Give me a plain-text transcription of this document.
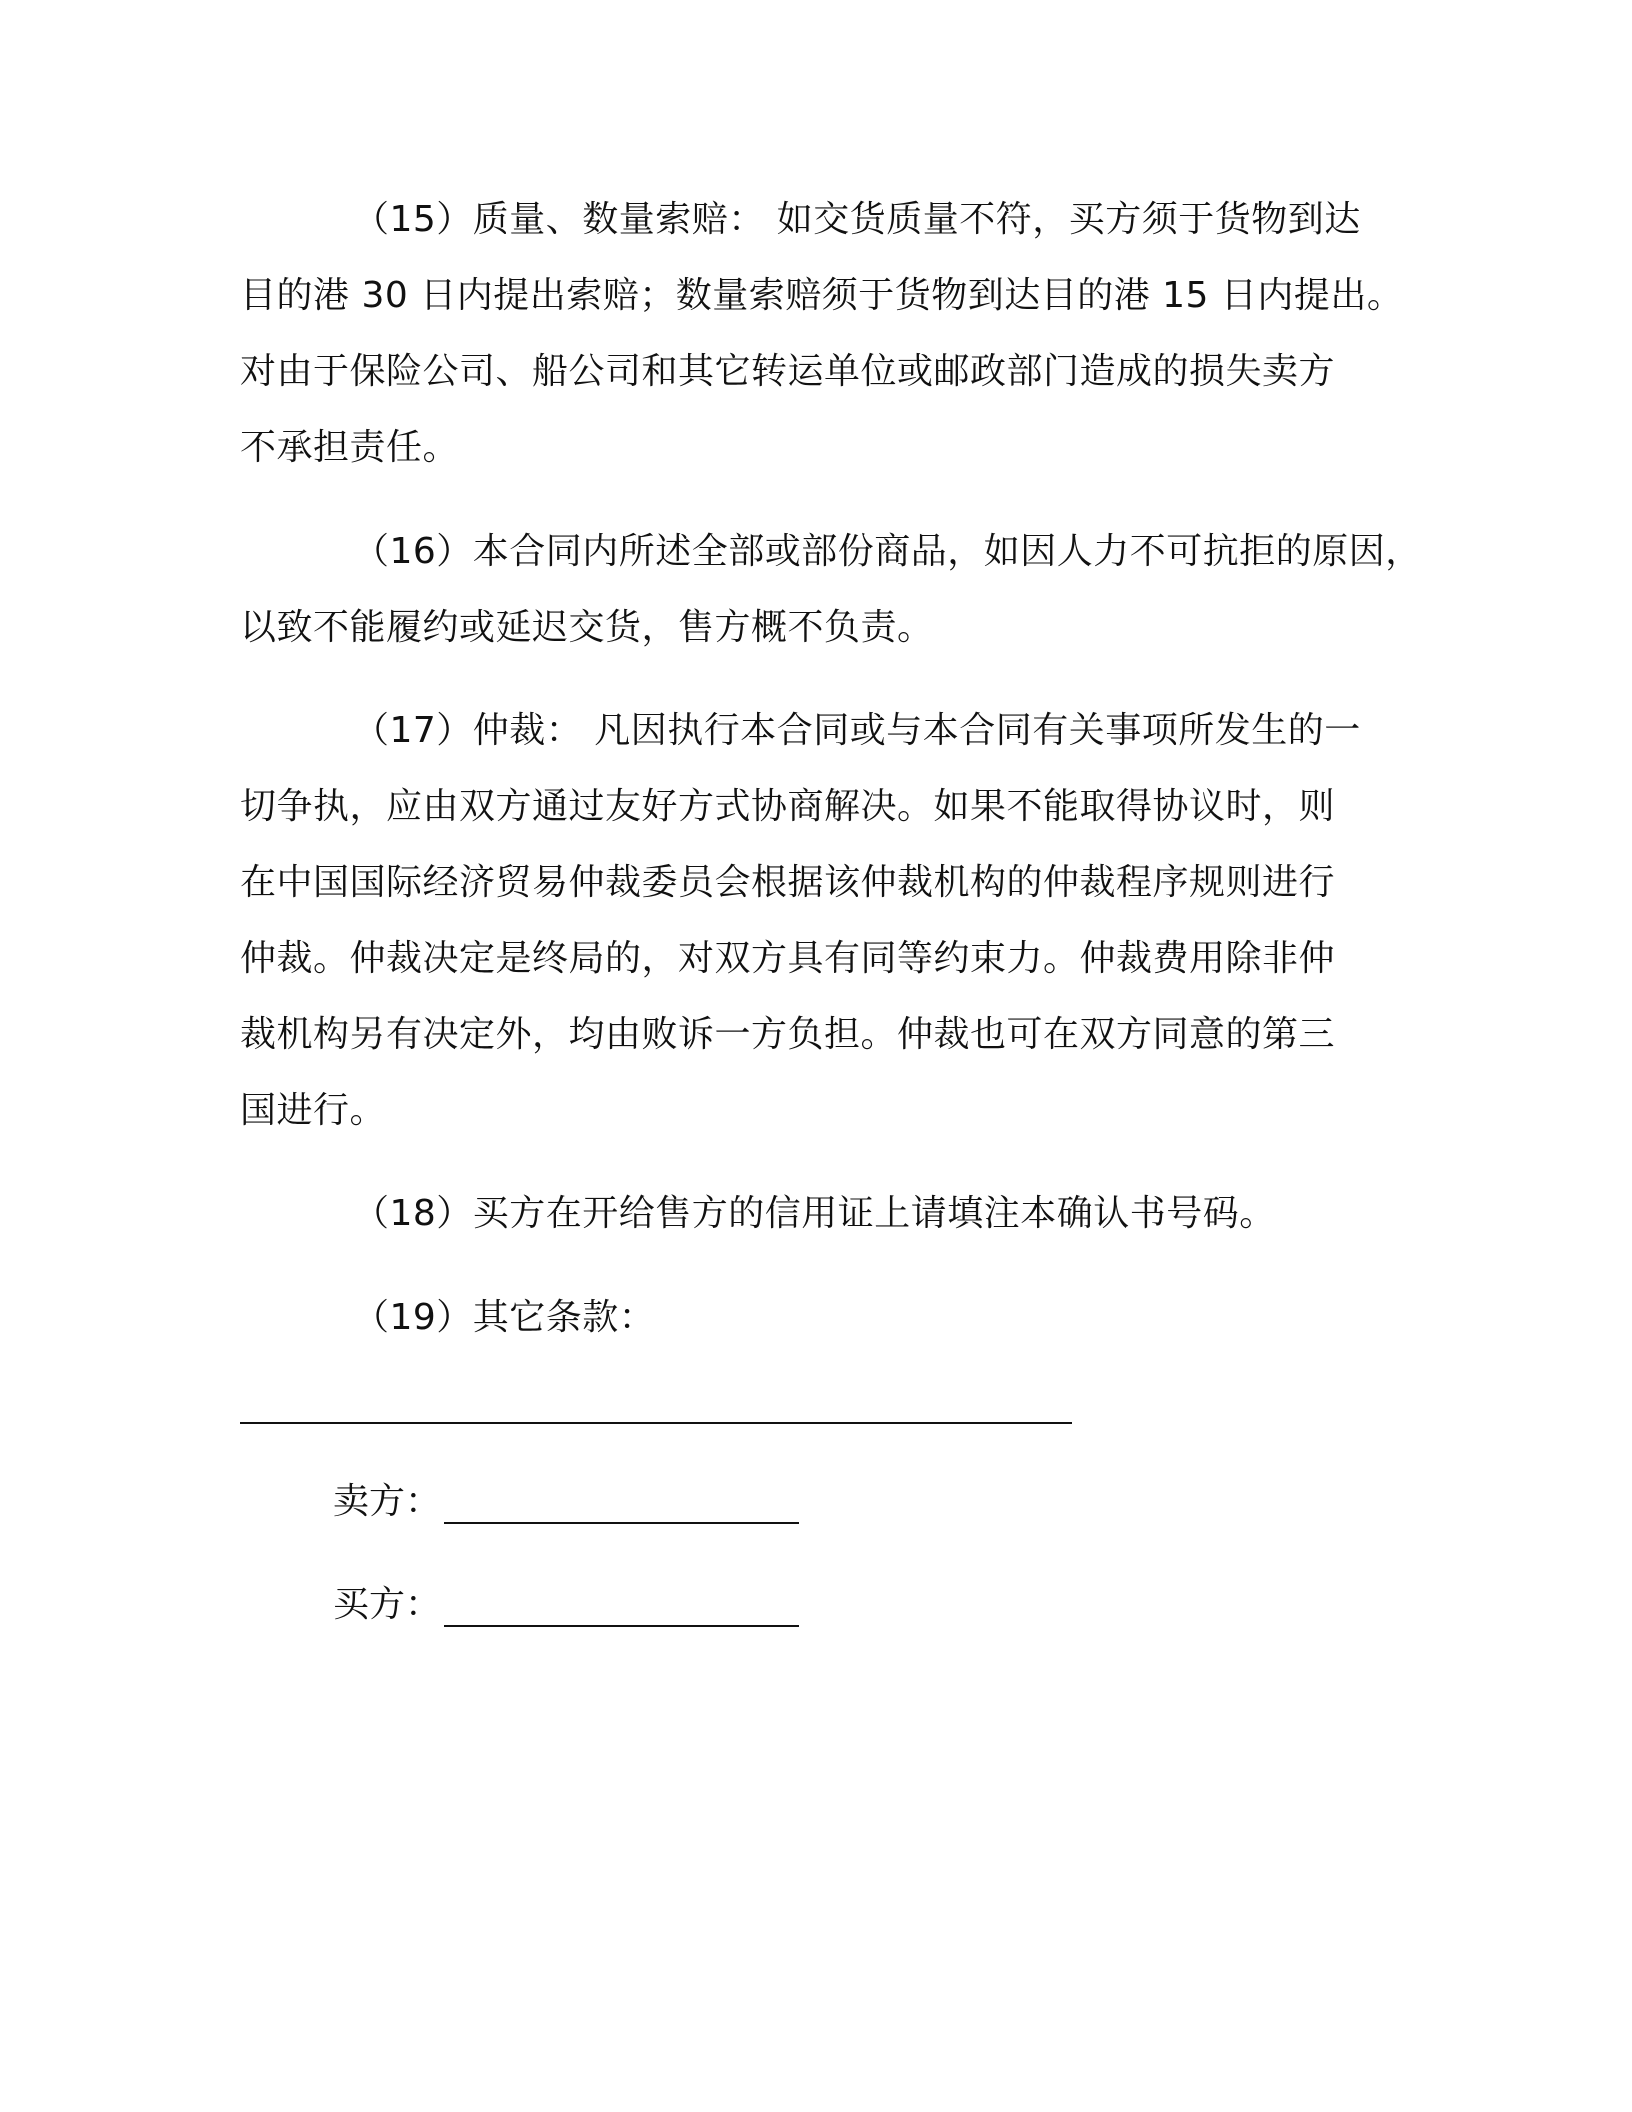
（15）质量、数量索赔： 如交货质量不符，买方须于货物到达
目的港 30 日内提出索赔；数量索赔须于货物到达目的港 15 日内提出。
对由于保险公司、船公司和其它转运单位或邮政部门造成的损失卖方
不承担责任。
（16）本合同内所述全部或部份商品，如因人力不可抗拒的原因，
以致不能履约或延迟交货，售方概不负责。
（17）仲裁： 凡因执行本合同或与本合同有关事项所发生的一
切争执，应由双方通过友好方式协商解决。如果不能取得协议时，则
在中国国际经济贸易仲裁委员会根据该仲裁机构的仲裁程序规则进行
仲裁。仲裁决定是终局的，对双方具有同等约束力。仲裁费用除非仲
裁机构另有决定外，均由败诉一方负担。仲裁也可在双方同意的第三
国进行。
（18）买方在开给售方的信用证上请填注本确认书号码。
（19）其它条款：
卖方：
买方：
